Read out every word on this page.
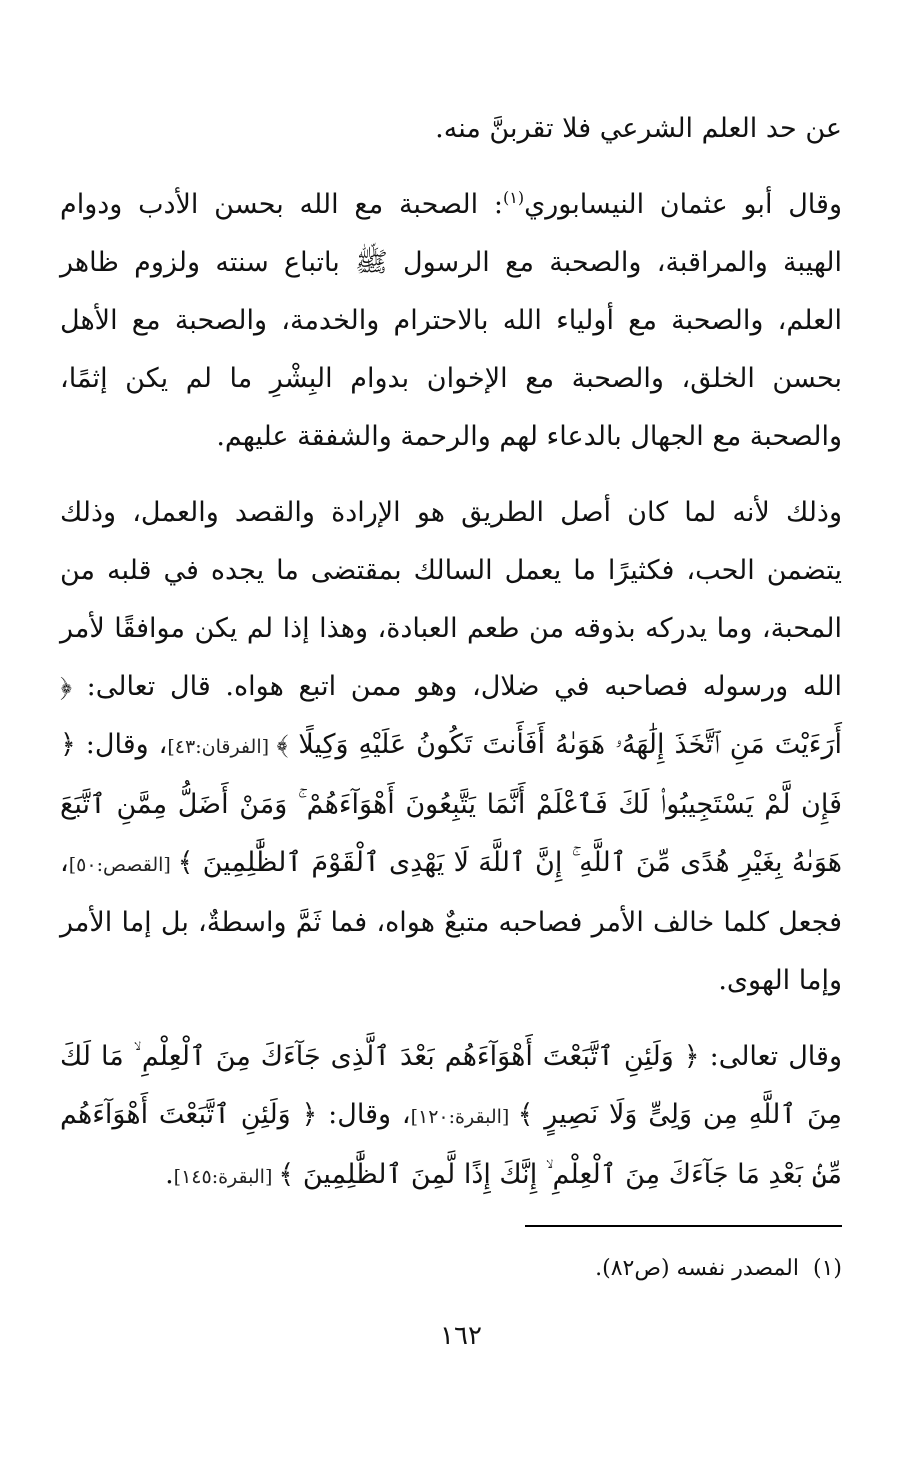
عن حد العلم الشرعي فلا تقربنَّ منه.

وقال أبو عثمان النيسابوري$^{(١)}$: الصحبة مع الله بحسن الأدب ودوام الهيبة والمراقبة، والصحبة مع الرسول ﷺ باتباع سنته ولزوم ظاهر العلم، والصحبة مع أولياء الله بالاحترام والخدمة، والصحبة مع الأهل بحسن الخلق، والصحبة مع الإخوان بدوام البِشْرِ ما لم يكن إثمًا، والصحبة مع الجهال بالدعاء لهم والرحمة والشفقة عليهم.

وذلك لأنه لما كان أصل الطريق هو الإرادة والقصد والعمل، وذلك يتضمن الحب، فكثيرًا ما يعمل السالك بمقتضى ما يجده في قلبه من المحبة، وما يدركه بذوقه من طعم العبادة، وهذا إذا لم يكن موافقًا لأمر الله ورسوله فصاحبه في ضلال، وهو ممن اتبع هواه. قال تعالى: ﴿ أَرَءَيْتَ مَنِ ٱتَّخَذَ إِلَٰهَهُۥ هَوَىٰهُ أَفَأَنتَ تَكُونُ عَلَيْهِ وَكِيلًا ﴾ [الفرقان:٤٣]، وقال: ﴿ فَإِن لَّمْ يَسْتَجِيبُوا۟ لَكَ فَٱعْلَمْ أَنَّمَا يَتَّبِعُونَ أَهْوَآءَهُمْ ۚ وَمَنْ أَضَلُّ مِمَّنِ ٱتَّبَعَ هَوَىٰهُ بِغَيْرِ هُدًى مِّنَ ٱللَّهِ ۚ إِنَّ ٱللَّهَ لَا يَهْدِى ٱلْقَوْمَ ٱلظَّٰلِمِينَ ﴾ [القصص:٥٠]، فجعل كلما خالف الأمر فصاحبه متبعٌ هواه، فما ثَمَّ واسطةٌ، بل إما الأمر وإما الهوى.

وقال تعالى: ﴿ وَلَئِنِ ٱتَّبَعْتَ أَهْوَآءَهُم بَعْدَ ٱلَّذِى جَآءَكَ مِنَ ٱلْعِلْمِ ۙ مَا لَكَ مِنَ ٱللَّهِ مِن وَلِىٍّ وَلَا نَصِيرٍ ﴾ [البقرة:١٢٠]، وقال: ﴿ وَلَئِنِ ٱتَّبَعْتَ أَهْوَآءَهُم مِّنۢ بَعْدِ مَا جَآءَكَ مِنَ ٱلْعِلْمِ ۙ إِنَّكَ إِذًا لَّمِنَ ٱلظَّٰلِمِينَ ﴾ [البقرة:١٤٥].

(١)المصدر نفسه (ص٨٢).

١٦٢
